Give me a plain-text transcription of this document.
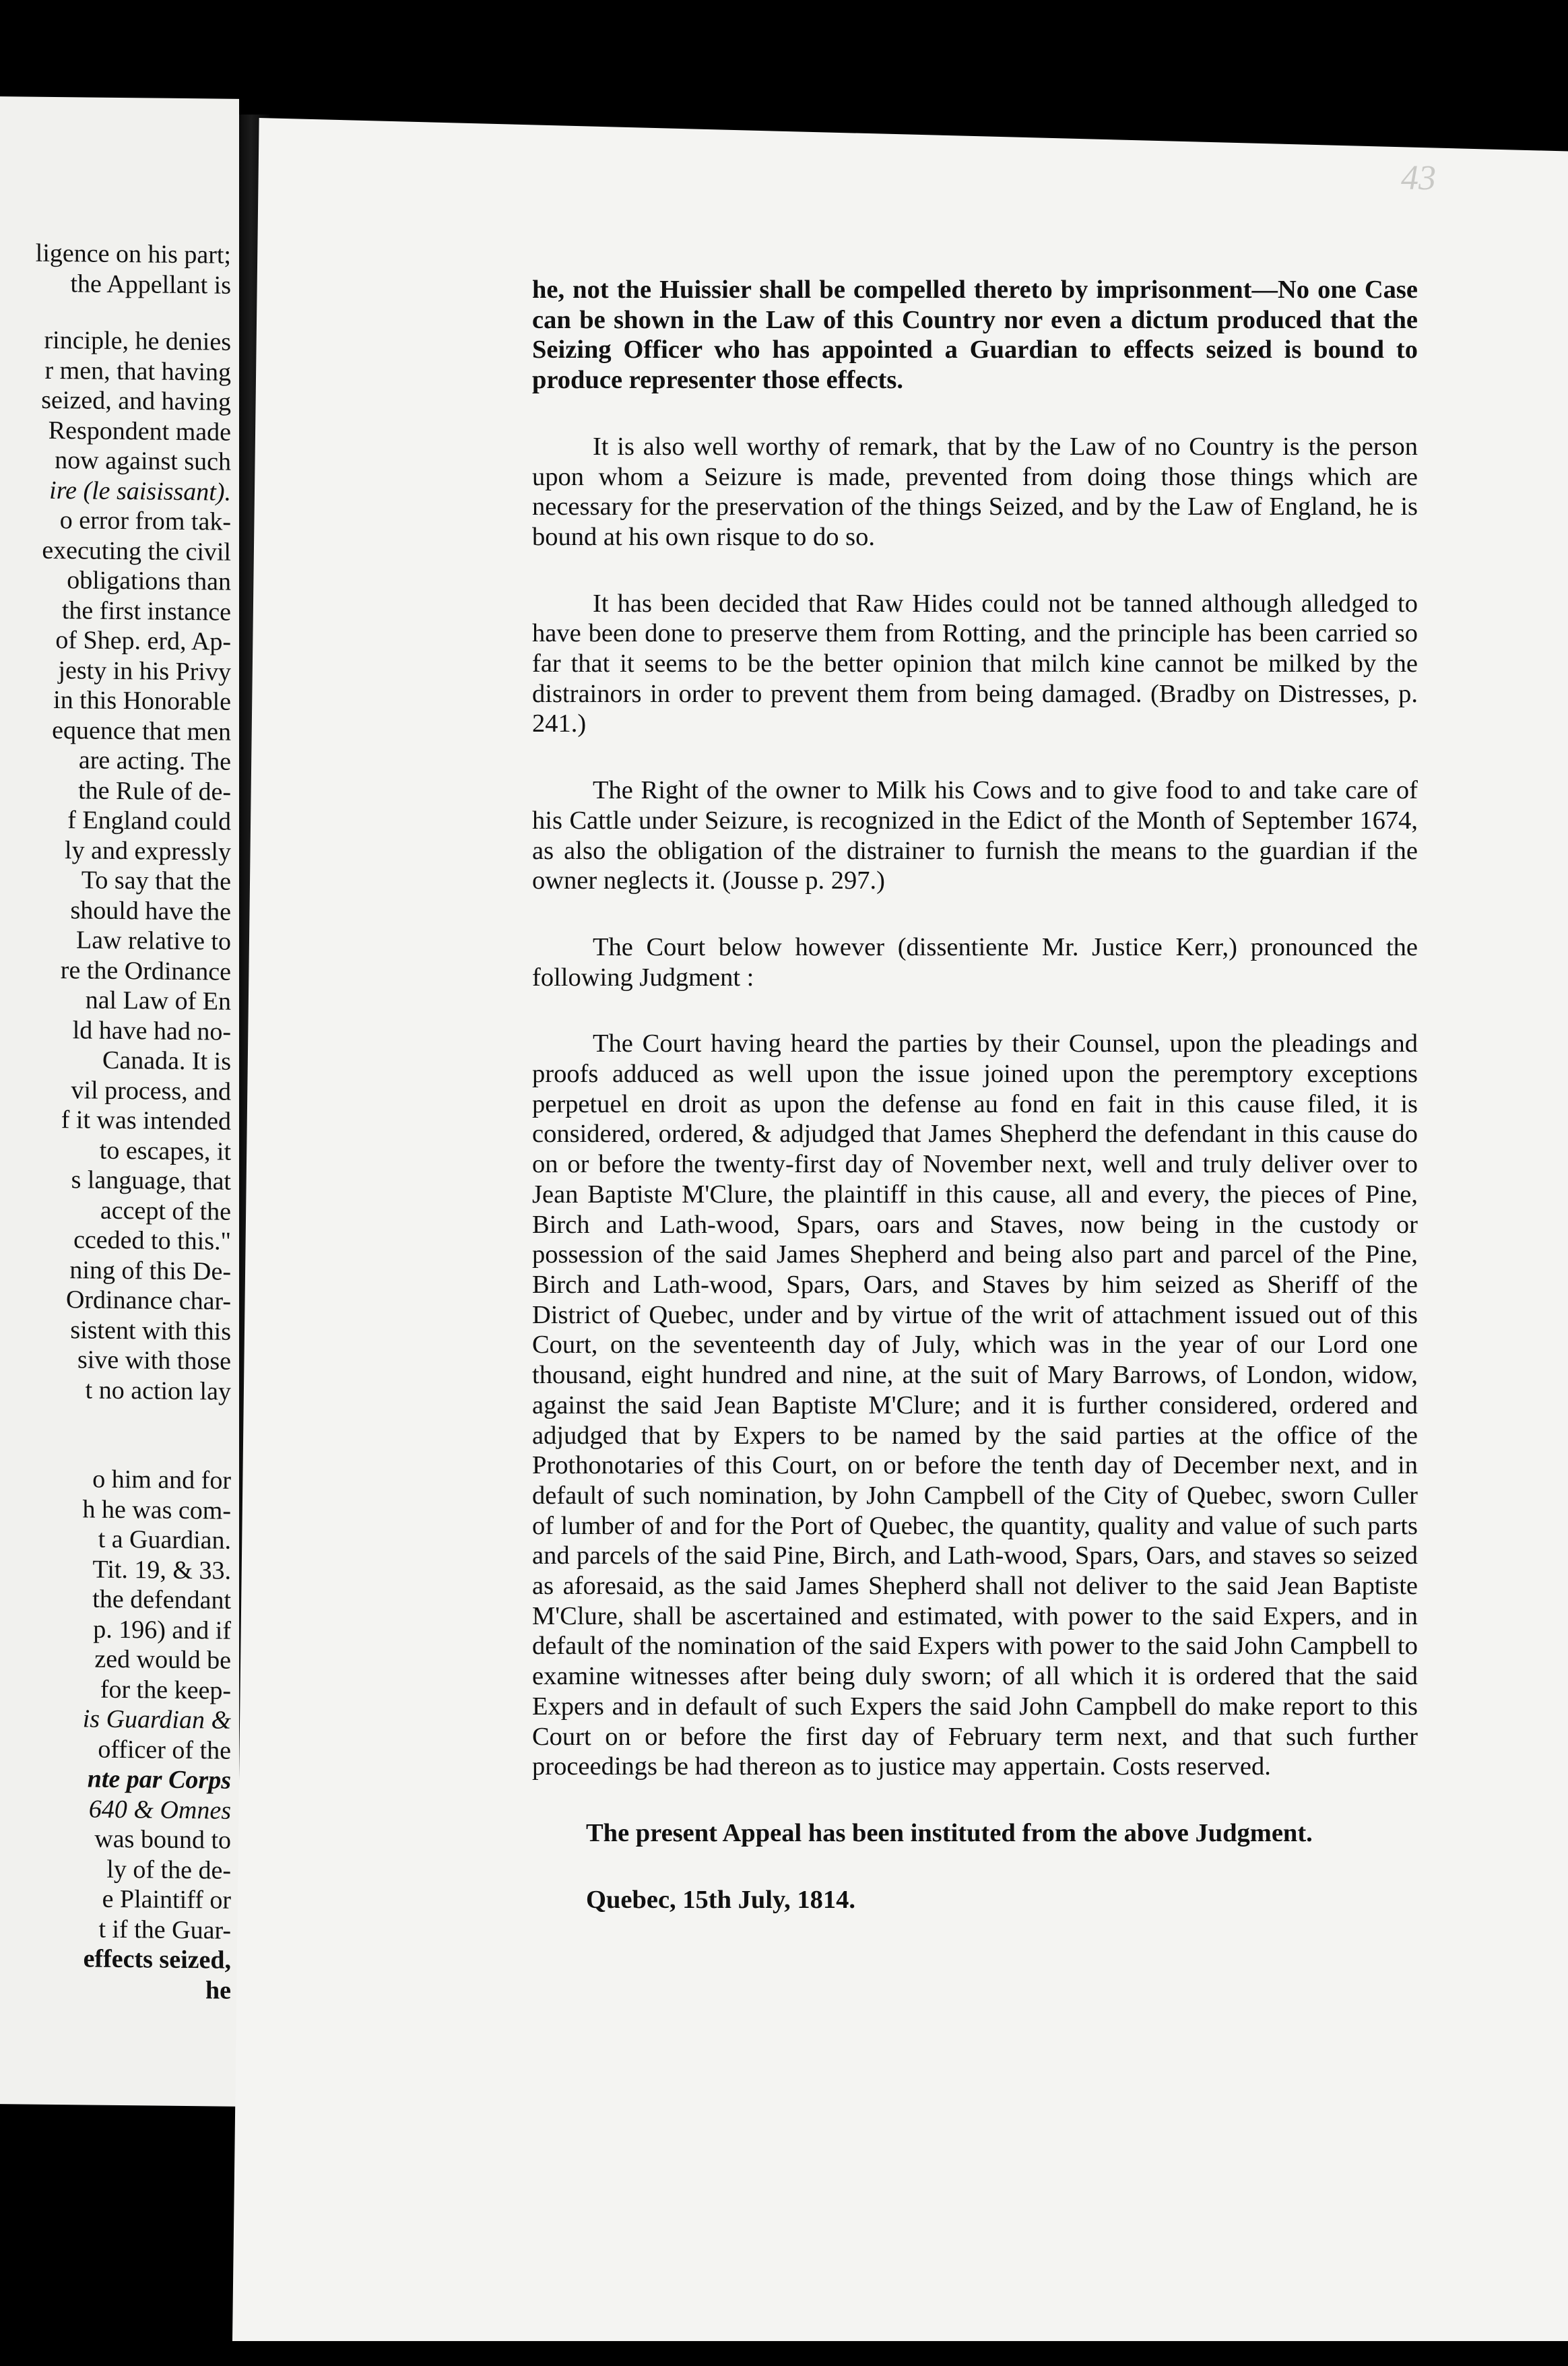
ligence on his part;
the Appellant is
rinciple, he denies
r men, that having
seized, and having
Respondent made
now against such
ire (le saisissant).
o error from tak-
executing the civil
obligations than
the first instance
of Shep. erd, Ap-
jesty in his Privy
in this Honorable
equence that men
are acting. The
the Rule of de-
f England could
ly and expressly
To say that the
should have the
Law relative to
re the Ordinance
nal Law of En
ld have had no-
Canada. It is
vil process, and
f it was intended
to escapes, it
s language, that
accept of the
cceded to this."
ning of this De-
Ordinance char-
sistent with this
sive with those
t no action lay
o him and for
h he was com-
t a Guardian.
Tit. 19, & 33.
the defendant
p. 196) and if
zed would be
for the keep-
is Guardian &
officer of the
nte par Corps
640 & Omnes
was bound to
ly of the de-
e Plaintiff or
t if the Guar-
effects seized,
he
43

he, not the Huissier shall be compelled thereto by imprisonment—No one Case can be shown in the Law of this Country nor even a dictum produced that the Seizing Officer who has appointed a Guardian to effects seized is bound to produce representer those effects.

It is also well worthy of remark, that by the Law of no Country is the person upon whom a Seizure is made, prevented from doing those things which are necessary for the preservation of the things Seized, and by the Law of England, he is bound at his own risque to do so.

It has been decided that Raw Hides could not be tanned although alledged to have been done to preserve them from Rotting, and the principle has been carried so far that it seems to be the better opinion that milch kine cannot be milked by the distrainors in order to prevent them from being damaged. (Bradby on Distresses, p. 241.)

The Right of the owner to Milk his Cows and to give food to and take care of his Cattle under Seizure, is recognized in the Edict of the Month of September 1674, as also the obligation of the distrainer to furnish the means to the guardian if the owner neglects it. (Jousse p. 297.)

The Court below however (dissentiente Mr. Justice Kerr,) pronounced the following Judgment :

The Court having heard the parties by their Counsel, upon the pleadings and proofs adduced as well upon the issue joined upon the peremptory exceptions perpetuel en droit as upon the defense au fond en fait in this cause filed, it is considered, ordered, & adjudged that James Shepherd the defendant in this cause do on or before the twenty-first day of November next, well and truly deliver over to Jean Baptiste M'Clure, the plaintiff in this cause, all and every, the pieces of Pine, Birch and Lath-wood, Spars, oars and Staves, now being in the custody or possession of the said James Shepherd and being also part and parcel of the Pine, Birch and Lath-wood, Spars, Oars, and Staves by him seized as Sheriff of the District of Quebec, under and by virtue of the writ of attachment issued out of this Court, on the seventeenth day of July, which was in the year of our Lord one thousand, eight hundred and nine, at the suit of Mary Barrows, of London, widow, against the said Jean Baptiste M'Clure; and it is further considered, ordered and adjudged that by Expers to be named by the said parties at the office of the Prothonotaries of this Court, on or before the tenth day of December next, and in default of such nomination, by John Campbell of the City of Quebec, sworn Culler of lumber of and for the Port of Quebec, the quantity, quality and value of such parts and parcels of the said Pine, Birch, and Lath-wood, Spars, Oars, and staves so seized as aforesaid, as the said James Shepherd shall not deliver to the said Jean Baptiste M'Clure, shall be ascertained and estimated, with power to the said Expers, and in default of the nomination of the said Expers with power to the said John Campbell to examine witnesses after being duly sworn; of all which it is ordered that the said Expers and in default of such Expers the said John Campbell do make report to this Court on or before the first day of February term next, and that such further proceedings be had thereon as to justice may appertain. Costs reserved.

The present Appeal has been instituted from the above Judgment.

Quebec, 15th July, 1814.
